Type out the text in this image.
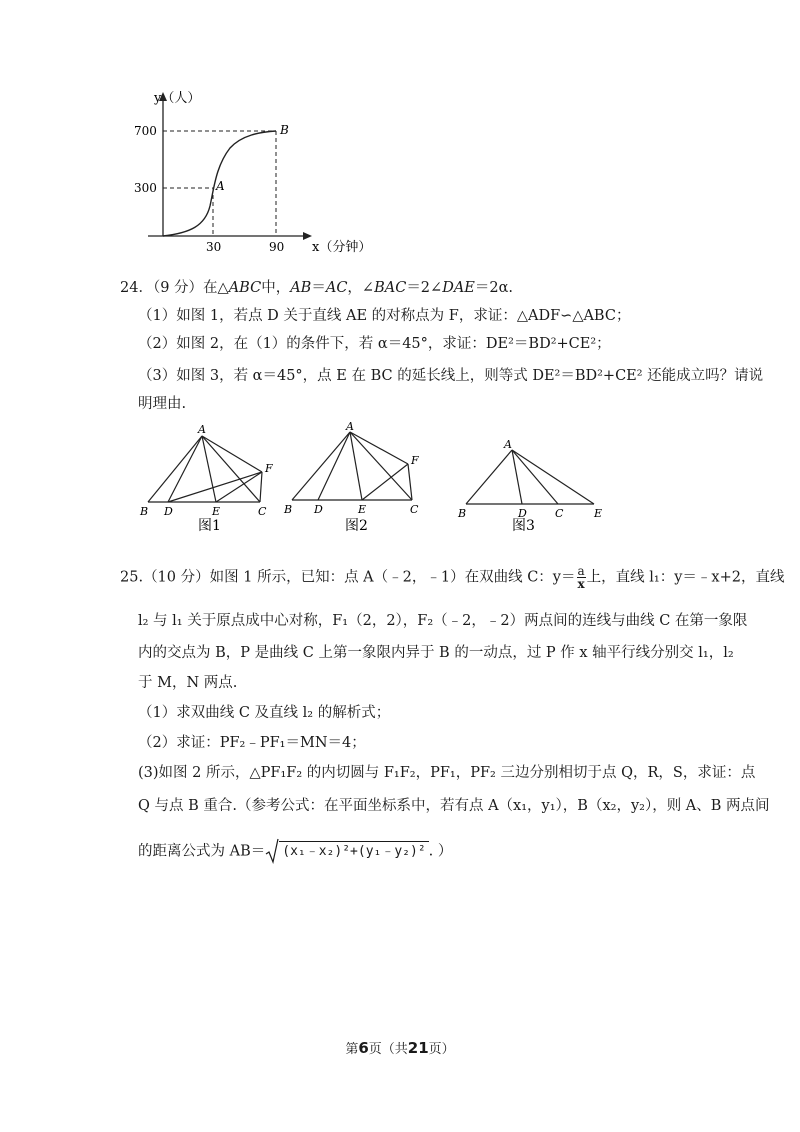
y（人）
x（分钟）
700
300
30	90
A
B
24．（9 分）在△ABC中，AB＝AC，∠BAC＝2∠DAE＝2α.
（1）如图 1，若点 D 关于直线 AE 的对称点为 F，求证：△ADF∽△ABC；
（2）如图 2，在（1）的条件下，若 α＝45°，求证：DE²＝BD²+CE²；
（3）如图 3，若 α＝45°，点 E 在 BC 的延长线上，则等式 DE²＝BD²+CE² 还能成立吗？请说
明理由.
A
B D	E	C
F
图1
A
B D	E	C
F
图2
A
B	D	C	E
图3
25.（10 分）如图 1 所示，已知：点 A（﹣2，﹣1）在双曲线 C：$y= \frac{a}{x}$ 上，直线 l₁：y＝﹣x+2，直线
l₂ 与 l₁ 关于原点成中心对称，F₁（2，2），F₂（﹣2，﹣2）两点间的连线与曲线 C 在第一象限
内的交点为 B，P 是曲线 C 上第一象限内异于 B 的一动点，过 P 作 x 轴平行线分别交 l₁，l₂
于 M，N 两点.
（1）求双曲线 C 及直线 l₂ 的解析式；
（2）求证：PF₂﹣PF₁＝MN＝4；
(3)如图 2 所示，△PF₁F₂ 的内切圆与 F₁F₂，PF₁，PF₂ 三边分别相切于点 Q，R，S，求证：点
Q 与点 B 重合.（参考公式：在平面坐标系中，若有点 A（x₁，y₁），B（x₂，y₂），则 A、B 两点间
的距离公式为 AB＝ (x₁﹣x₂)²+(y₁﹣y₂)² . ）
第6页（共21页）
